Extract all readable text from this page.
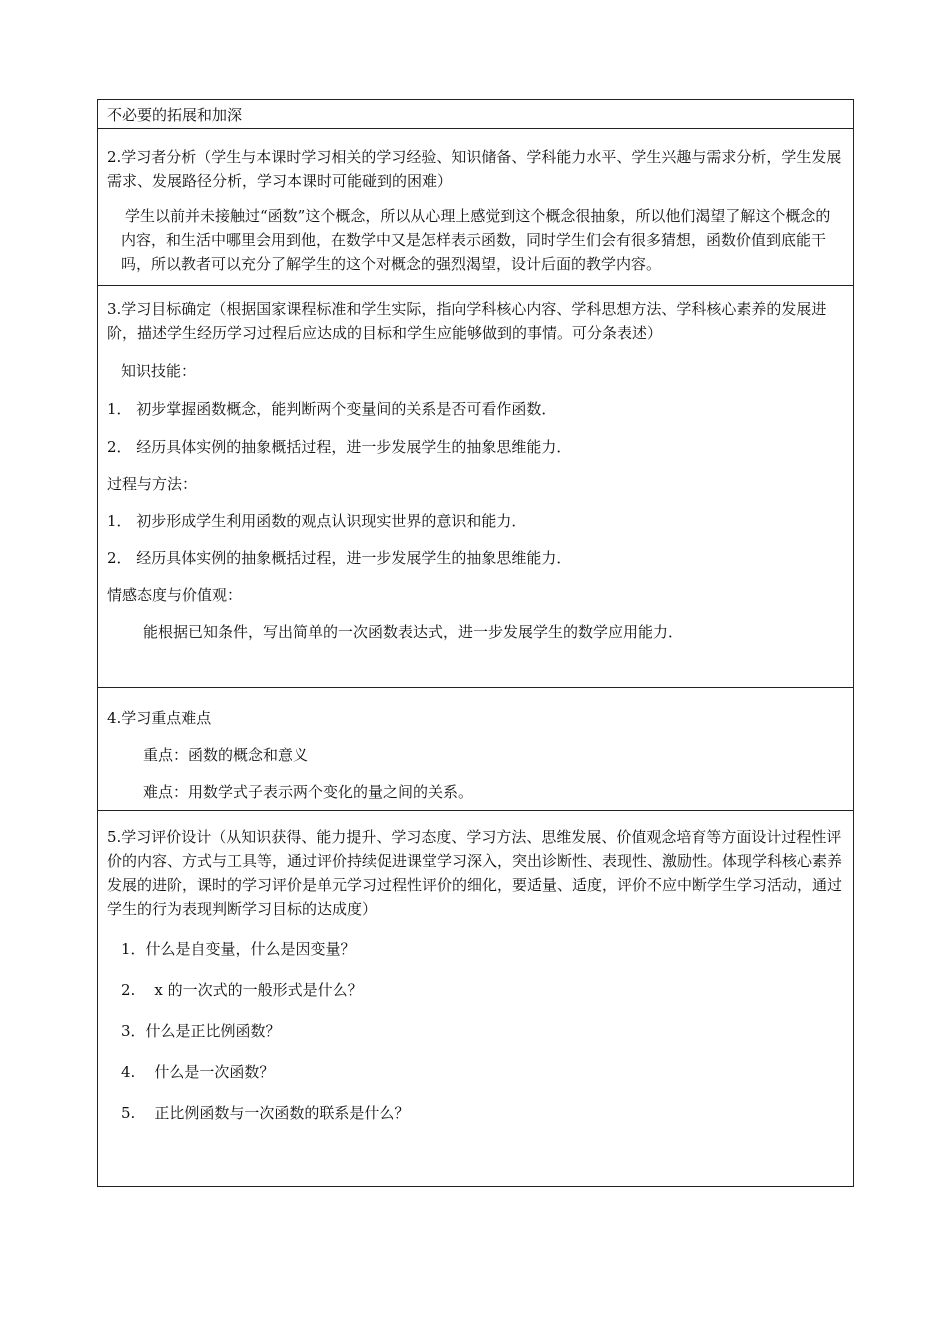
不必要的拓展和加深

2.学习者分析（学生与本课时学习相关的学习经验、知识储备、学科能力水平、学生兴趣与需求分析，学生发展需求、发展路径分析，学习本课时可能碰到的困难）

学生以前并未接触过“函数”这个概念，所以从心理上感觉到这个概念很抽象，所以他们渴望了解这个概念的内容，和生活中哪里会用到他，在数学中又是怎样表示函数，同时学生们会有很多猜想，函数价值到底能干吗，所以教者可以充分了解学生的这个对概念的强烈渴望，设计后面的教学内容。

3.学习目标确定（根据国家课程标准和学生实际，指向学科核心内容、学科思想方法、学科核心素养的发展进阶，描述学生经历学习过程后应达成的目标和学生应能够做到的事情。可分条表述）

知识技能：

1． 初步掌握函数概念，能判断两个变量间的关系是否可看作函数．

2． 经历具体实例的抽象概括过程，进一步发展学生的抽象思维能力．

过程与方法：

1． 初步形成学生利用函数的观点认识现实世界的意识和能力．

2． 经历具体实例的抽象概括过程，进一步发展学生的抽象思维能力．

情感态度与价值观：

能根据已知条件，写出简单的一次函数表达式，进一步发展学生的数学应用能力．

4.学习重点难点

重点：函数的概念和意义

难点：用数学式子表示两个变化的量之间的关系。

5.学习评价设计（从知识获得、能力提升、学习态度、学习方法、思维发展、价值观念培育等方面设计过程性评价的内容、方式与工具等，通过评价持续促进课堂学习深入，突出诊断性、表现性、激励性。体现学科核心素养发展的进阶，课时的学习评价是单元学习过程性评价的细化，要适量、适度，评价不应中断学生学习活动，通过学生的行为表现判断学习目标的达成度）

1．什么是自变量，什么是因变量？

2.    x 的一次式的一般形式是什么？

3．什么是正比例函数？

4.    什么是一次函数？

5.    正比例函数与一次函数的联系是什么？
